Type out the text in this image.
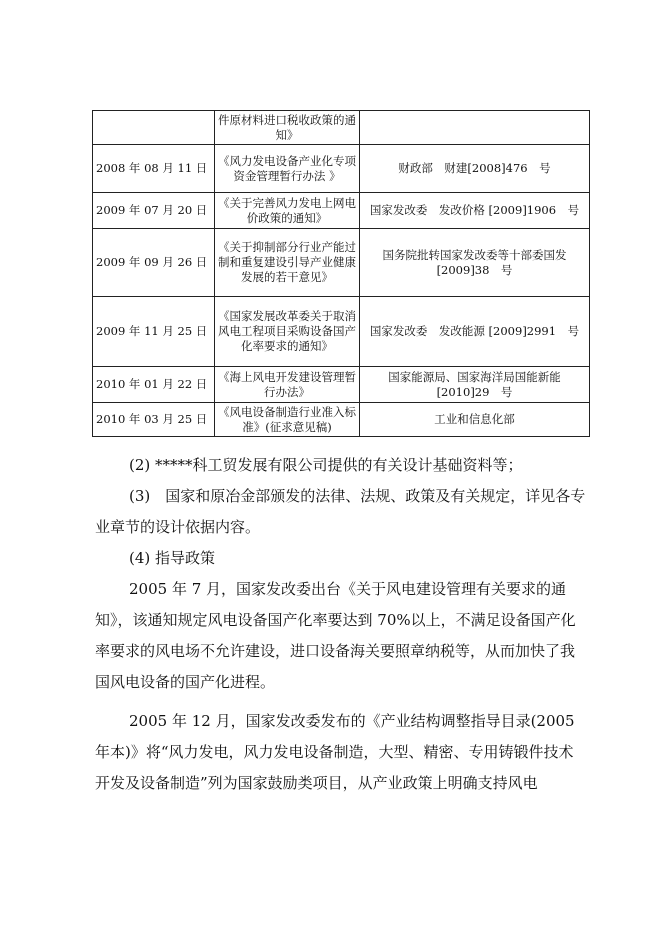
	件原材料进口税收政策的通知》	
2008 年 08 月 11 日	《风力发电设备产业化专项资金管理暂行办法 》	财政部　财建[2008]476　号
2009 年 07 月 20 日	《关于完善风力发电上网电价政策的通知》	国家发改委　发改价格 [2009]1906　号
2009 年 09 月 26 日	《关于抑制部分行业产能过制和重复建设引导产业健康发展的若干意见》	国务院批转国家发改委等十部委国发[2009]38　号
2009 年 11 月 25 日	《国家发展改革委关于取消风电工程项目采购设备国产化率要求的通知》	国家发改委　发改能源 [2009]2991　号
2010 年 01 月 22 日	《海上风电开发建设管理暂行办法》	国家能源局、国家海洋局国能新能[2010]29　号
2010 年 03 月 25 日	《风电设备制造行业准入标准》(征求意见稿)	工业和信息化部

(2) *****科工贸发展有限公司提供的有关设计基础资料等；

(3)　国家和原冶金部颁发的法律、法规、政策及有关规定，详见各专业章节的设计依据内容。

(4) 指导政策

2005 年 7 月，国家发改委出台《关于风电建设管理有关要求的通知》，该通知规定风电设备国产化率要达到 70%以上，不满足设备国产化率要求的风电场不允许建设，进口设备海关要照章纳税等，从而加快了我国风电设备的国产化进程。

2005 年 12 月，国家发改委发布的《产业结构调整指导目录(2005 年本)》将“风力发电，风力发电设备制造，大型、精密、专用铸锻件技术开发及设备制造”列为国家鼓励类项目，从产业政策上明确支持风电
